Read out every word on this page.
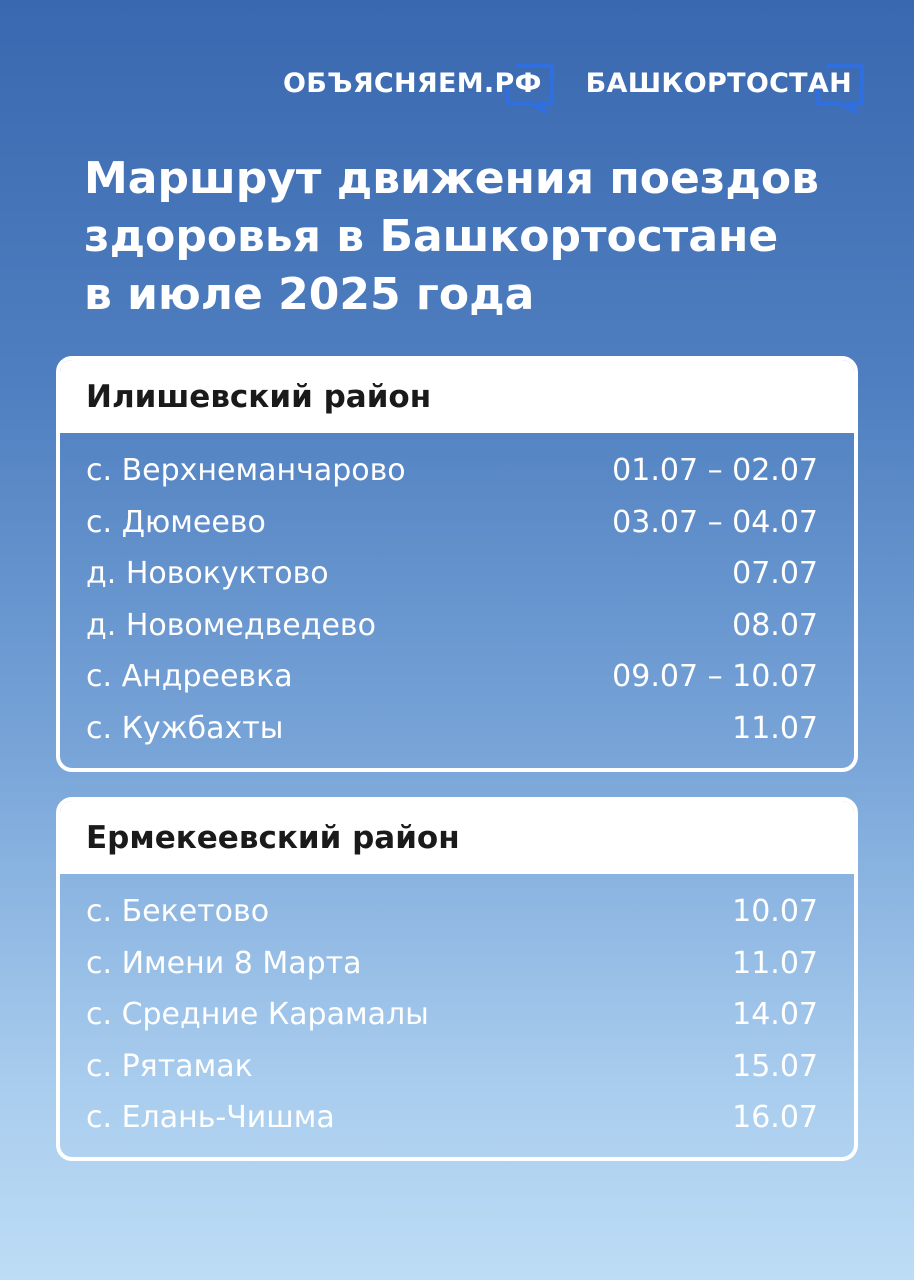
ОБЪЯСНЯЕМ.РФ	БАШКОРТОСТАН
Маршрут движения поездов
здоровья в Башкортостане
в июле 2025 года
Илишевский район
с. Верхнеманчарово	01.07 – 02.07
с. Дюмеево	03.07 – 04.07
д. Новокуктово	07.07
д. Новомедведево	08.07
с. Андреевка	09.07 – 10.07
с. Кужбахты	11.07
Ермекеевский район
с. Бекетово	10.07
с. Имени 8 Марта	11.07
с. Средние Карамалы	14.07
с. Рятамак	15.07
с. Елань-Чишма	16.07
